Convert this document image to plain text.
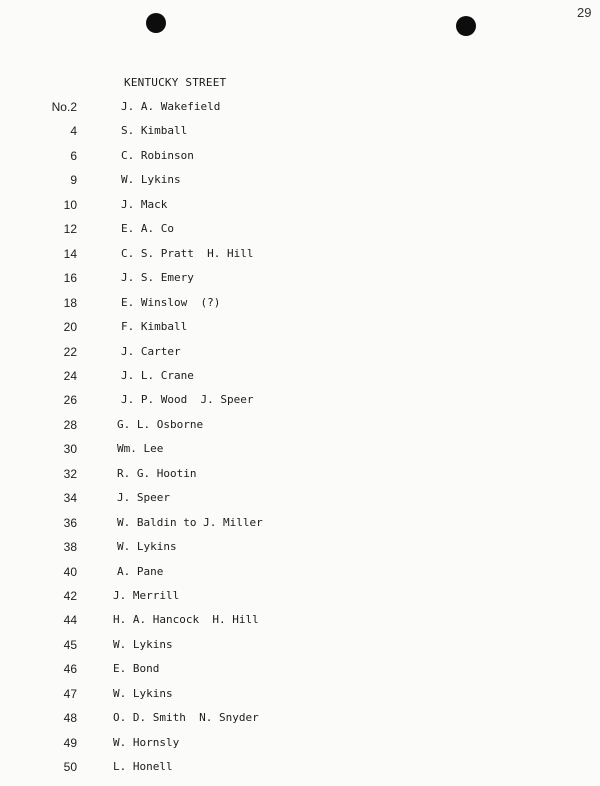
29
KENTUCKY STREET
No.2	J. A. Wakefield
4	S. Kimball
6	C. Robinson
9	W. Lykins
10	J. Mack
12	E. A. Co
14	C. S. Pratt  H. Hill
16	J. S. Emery
18	E. Winslow  (?)
20	F. Kimball
22	J. Carter
24	J. L. Crane
26	J. P. Wood  J. Speer
28	G. L. Osborne
30	Wm. Lee
32	R. G. Hootin
34	J. Speer
36	W. Baldin to J. Miller
38	W. Lykins
40	A. Pane
42	J. Merrill
44	H. A. Hancock  H. Hill
45	W. Lykins
46	E. Bond
47	W. Lykins
48	O. D. Smith  N. Snyder
49	W. Hornsly
50	L. Honell
